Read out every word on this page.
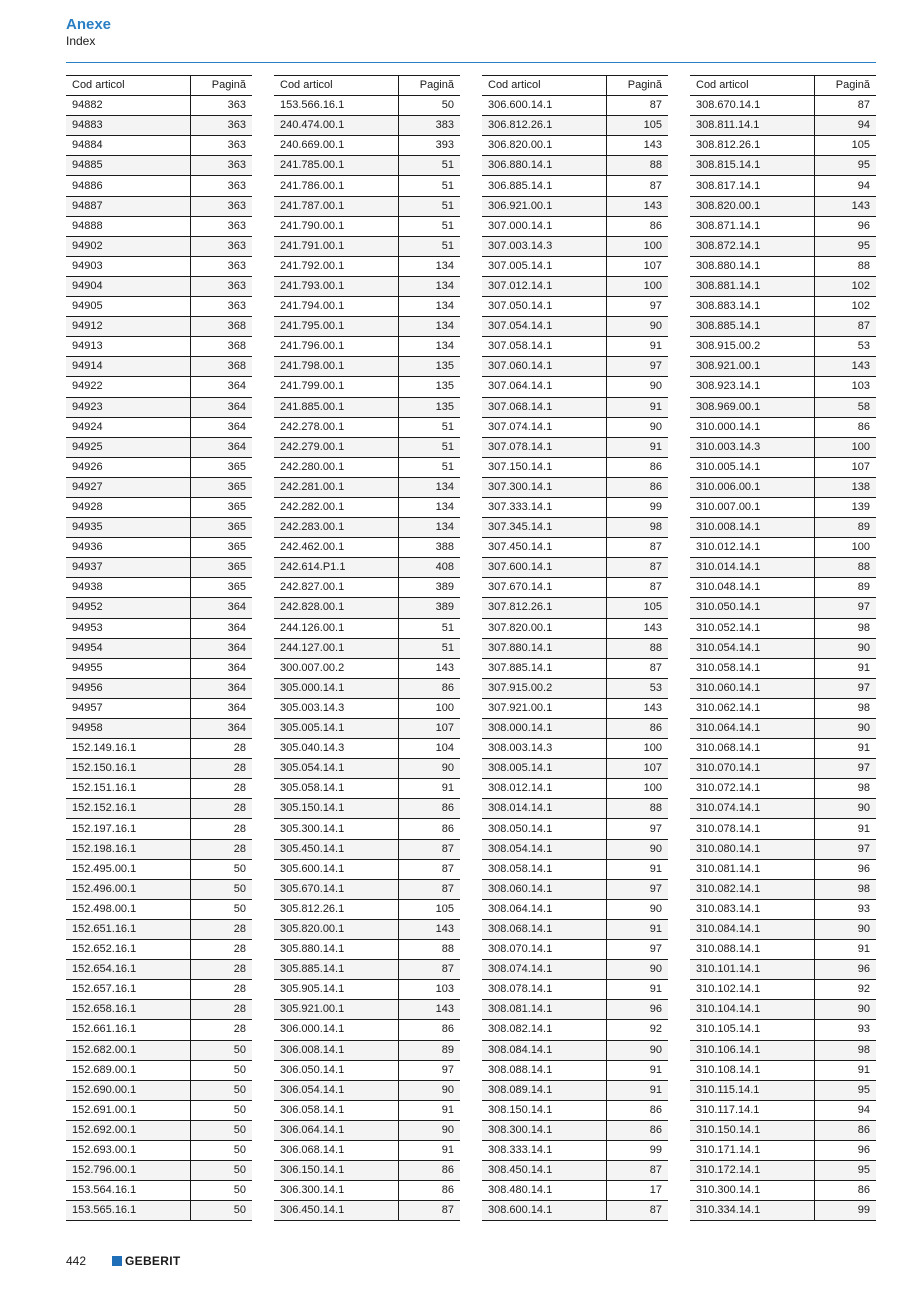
Anexe
Index
Cod articol	Pagină
94882	363
94883	363
94884	363
94885	363
94886	363
94887	363
94888	363
94902	363
94903	363
94904	363
94905	363
94912	368
94913	368
94914	368
94922	364
94923	364
94924	364
94925	364
94926	365
94927	365
94928	365
94935	365
94936	365
94937	365
94938	365
94952	364
94953	364
94954	364
94955	364
94956	364
94957	364
94958	364
152.149.16.1	28
152.150.16.1	28
152.151.16.1	28
152.152.16.1	28
152.197.16.1	28
152.198.16.1	28
152.495.00.1	50
152.496.00.1	50
152.498.00.1	50
152.651.16.1	28
152.652.16.1	28
152.654.16.1	28
152.657.16.1	28
152.658.16.1	28
152.661.16.1	28
152.682.00.1	50
152.689.00.1	50
152.690.00.1	50
152.691.00.1	50
152.692.00.1	50
152.693.00.1	50
152.796.00.1	50
153.564.16.1	50
153.565.16.1	50
Cod articol	Pagină
153.566.16.1	50
240.474.00.1	383
240.669.00.1	393
241.785.00.1	51
241.786.00.1	51
241.787.00.1	51
241.790.00.1	51
241.791.00.1	51
241.792.00.1	134
241.793.00.1	134
241.794.00.1	134
241.795.00.1	134
241.796.00.1	134
241.798.00.1	135
241.799.00.1	135
241.885.00.1	135
242.278.00.1	51
242.279.00.1	51
242.280.00.1	51
242.281.00.1	134
242.282.00.1	134
242.283.00.1	134
242.462.00.1	388
242.614.P1.1	408
242.827.00.1	389
242.828.00.1	389
244.126.00.1	51
244.127.00.1	51
300.007.00.2	143
305.000.14.1	86
305.003.14.3	100
305.005.14.1	107
305.040.14.3	104
305.054.14.1	90
305.058.14.1	91
305.150.14.1	86
305.300.14.1	86
305.450.14.1	87
305.600.14.1	87
305.670.14.1	87
305.812.26.1	105
305.820.00.1	143
305.880.14.1	88
305.885.14.1	87
305.905.14.1	103
305.921.00.1	143
306.000.14.1	86
306.008.14.1	89
306.050.14.1	97
306.054.14.1	90
306.058.14.1	91
306.064.14.1	90
306.068.14.1	91
306.150.14.1	86
306.300.14.1	86
306.450.14.1	87
Cod articol	Pagină
306.600.14.1	87
306.812.26.1	105
306.820.00.1	143
306.880.14.1	88
306.885.14.1	87
306.921.00.1	143
307.000.14.1	86
307.003.14.3	100
307.005.14.1	107
307.012.14.1	100
307.050.14.1	97
307.054.14.1	90
307.058.14.1	91
307.060.14.1	97
307.064.14.1	90
307.068.14.1	91
307.074.14.1	90
307.078.14.1	91
307.150.14.1	86
307.300.14.1	86
307.333.14.1	99
307.345.14.1	98
307.450.14.1	87
307.600.14.1	87
307.670.14.1	87
307.812.26.1	105
307.820.00.1	143
307.880.14.1	88
307.885.14.1	87
307.915.00.2	53
307.921.00.1	143
308.000.14.1	86
308.003.14.3	100
308.005.14.1	107
308.012.14.1	100
308.014.14.1	88
308.050.14.1	97
308.054.14.1	90
308.058.14.1	91
308.060.14.1	97
308.064.14.1	90
308.068.14.1	91
308.070.14.1	97
308.074.14.1	90
308.078.14.1	91
308.081.14.1	96
308.082.14.1	92
308.084.14.1	90
308.088.14.1	91
308.089.14.1	91
308.150.14.1	86
308.300.14.1	86
308.333.14.1	99
308.450.14.1	87
308.480.14.1	17
308.600.14.1	87
Cod articol	Pagină
308.670.14.1	87
308.811.14.1	94
308.812.26.1	105
308.815.14.1	95
308.817.14.1	94
308.820.00.1	143
308.871.14.1	96
308.872.14.1	95
308.880.14.1	88
308.881.14.1	102
308.883.14.1	102
308.885.14.1	87
308.915.00.2	53
308.921.00.1	143
308.923.14.1	103
308.969.00.1	58
310.000.14.1	86
310.003.14.3	100
310.005.14.1	107
310.006.00.1	138
310.007.00.1	139
310.008.14.1	89
310.012.14.1	100
310.014.14.1	88
310.048.14.1	89
310.050.14.1	97
310.052.14.1	98
310.054.14.1	90
310.058.14.1	91
310.060.14.1	97
310.062.14.1	98
310.064.14.1	90
310.068.14.1	91
310.070.14.1	97
310.072.14.1	98
310.074.14.1	90
310.078.14.1	91
310.080.14.1	97
310.081.14.1	96
310.082.14.1	98
310.083.14.1	93
310.084.14.1	90
310.088.14.1	91
310.101.14.1	96
310.102.14.1	92
310.104.14.1	90
310.105.14.1	93
310.106.14.1	98
310.108.14.1	91
310.115.14.1	95
310.117.14.1	94
310.150.14.1	86
310.171.14.1	96
310.172.14.1	95
310.300.14.1	86
310.334.14.1	99
442	GEBERIT
